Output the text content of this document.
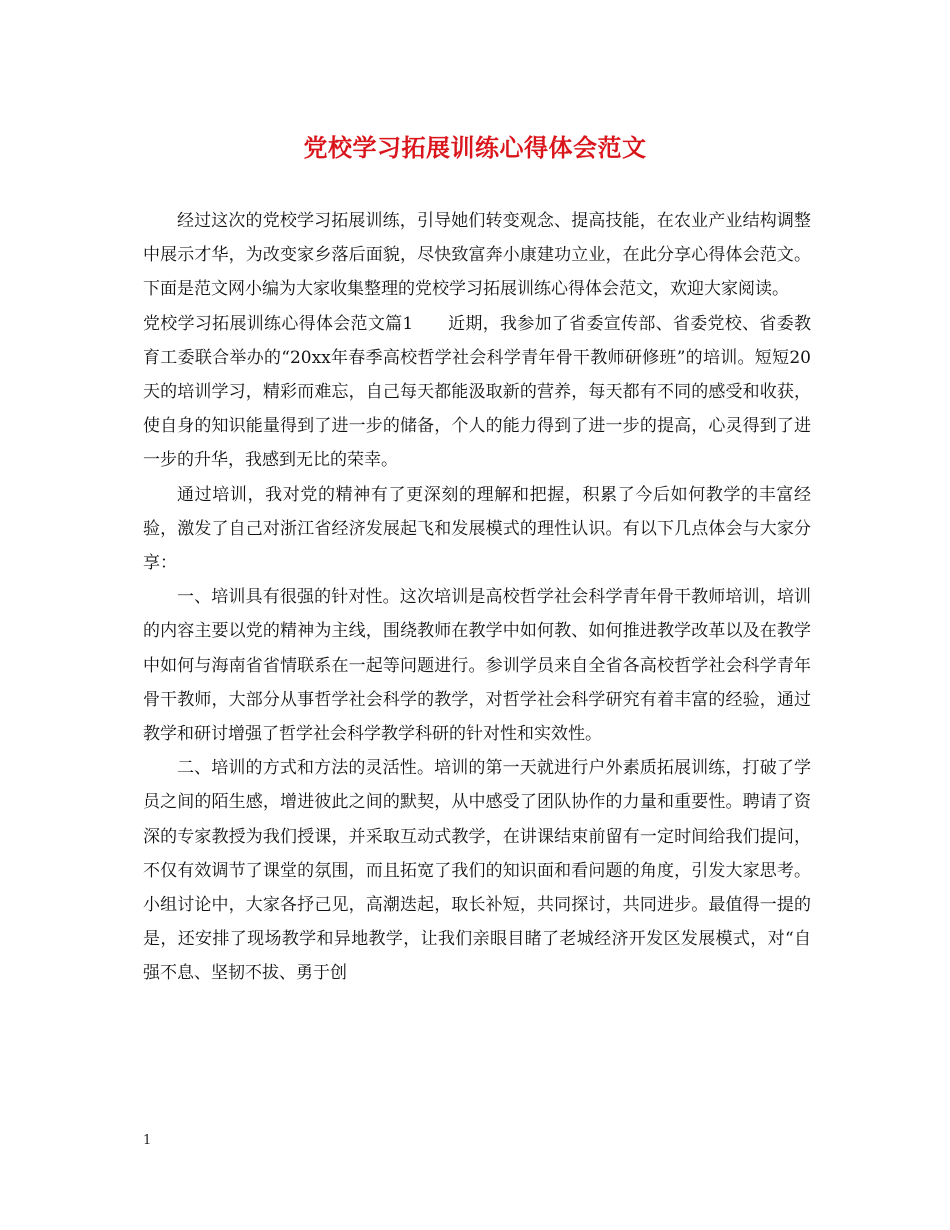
党校学习拓展训练心得体会范文

经过这次的党校学习拓展训练，引导她们转变观念、提高技能，在农业产业结构调整中展示才华，为改变家乡落后面貌，尽快致富奔小康建功立业，在此分享心得体会范文。下面是范文网小编为大家收集整理的党校学习拓展训练心得体会范文，欢迎大家阅读。

党校学习拓展训练心得体会范文篇1　　近期，我参加了省委宣传部、省委党校、省委教育工委联合举办的“20xx年春季高校哲学社会科学青年骨干教师研修班”的培训。短短20天的培训学习，精彩而难忘，自己每天都能汲取新的营养，每天都有不同的感受和收获，使自身的知识能量得到了进一步的储备，个人的能力得到了进一步的提高，心灵得到了进一步的升华，我感到无比的荣幸。

通过培训，我对党的精神有了更深刻的理解和把握，积累了今后如何教学的丰富经验，激发了自己对浙江省经济发展起飞和发展模式的理性认识。有以下几点体会与大家分享：

一、培训具有很强的针对性。这次培训是高校哲学社会科学青年骨干教师培训，培训的内容主要以党的精神为主线，围绕教师在教学中如何教、如何推进教学改革以及在教学中如何与海南省省情联系在一起等问题进行。参训学员来自全省各高校哲学社会科学青年骨干教师，大部分从事哲学社会科学的教学，对哲学社会科学研究有着丰富的经验，通过教学和研讨增强了哲学社会科学教学科研的针对性和实效性。

二、培训的方式和方法的灵活性。培训的第一天就进行户外素质拓展训练，打破了学员之间的陌生感，增进彼此之间的默契，从中感受了团队协作的力量和重要性。聘请了资深的专家教授为我们授课，并采取互动式教学，在讲课结束前留有一定时间给我们提问，不仅有效调节了课堂的氛围，而且拓宽了我们的知识面和看问题的角度，引发大家思考。小组讨论中，大家各抒己见，高潮迭起，取长补短，共同探讨，共同进步。最值得一提的是，还安排了现场教学和异地教学，让我们亲眼目睹了老城经济开发区发展模式，对“自强不息、坚韧不拔、勇于创

1
